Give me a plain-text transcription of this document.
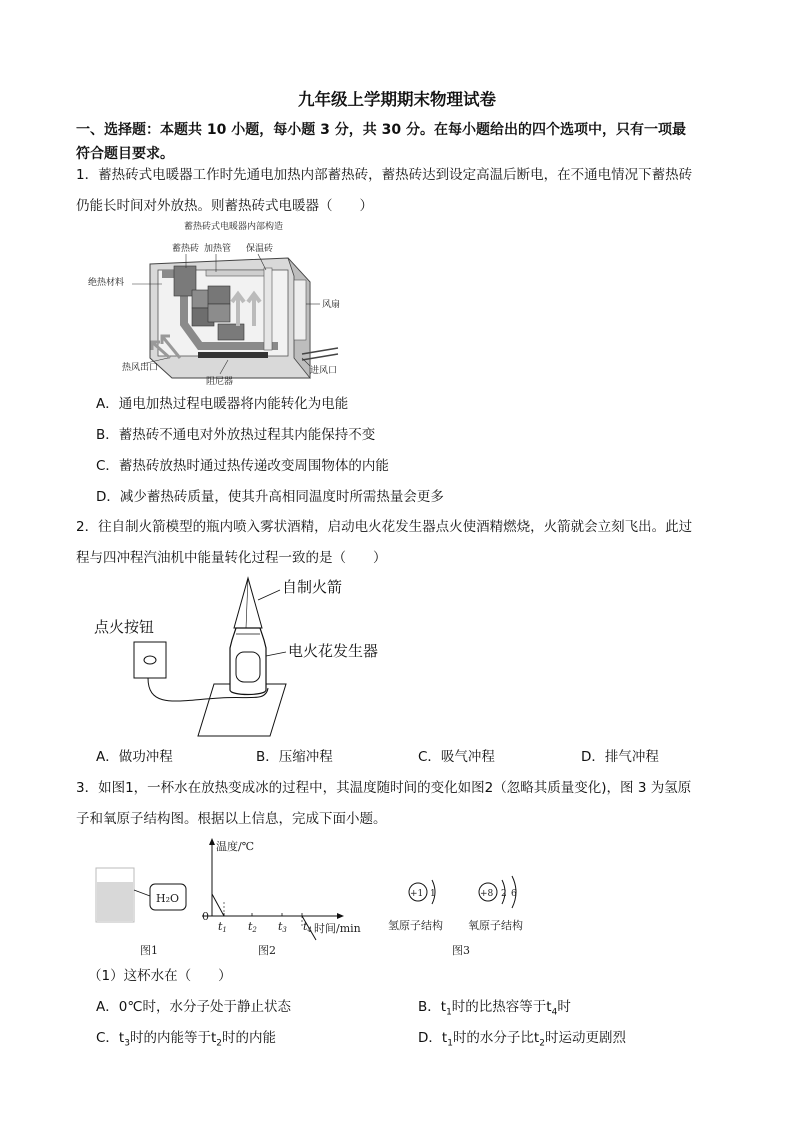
九年级上学期期末物理试卷
一、选择题：本题共 10 小题，每小题 3 分，共 30 分。在每小题给出的四个选项中，只有一项最
符合题目要求。
1．蓄热砖式电暖器工作时先通电加热内部蓄热砖，蓄热砖达到设定高温后断电，在不通电情况下蓄热砖
仍能长时间对外放热。则蓄热砖式电暖器（　　）
蓄热砖式电暖器内部构造
蓄热砖 加热管 保温砖
绝热材料
风扇
热风出口
阻尼器
进风口
A．通电加热过程电暖器将内能转化为电能
B．蓄热砖不通电对外放热过程其内能保持不变
C．蓄热砖放热时通过热传递改变周围物体的内能
D．减少蓄热砖质量，使其升高相同温度时所需热量会更多
2．往自制火箭模型的瓶内喷入雾状酒精，启动电火花发生器点火使酒精燃烧，火箭就会立刻飞出。此过
程与四冲程汽油机中能量转化过程一致的是（　　）
自制火箭
点火按钮
电火花发生器
A．做功冲程	B．压缩冲程	C．吸气冲程	D．排气冲程
3．如图1，一杯水在放热变成冰的过程中，其温度随时间的变化如图2（忽略其质量变化)，图 3 为氢原
子和氧原子结构图。根据以上信息，完成下面小题。
H₂O
图1
温度/℃
时间/min
0
t1 t2 t3 t4
图2
+1 1
氢原子结构
+8 2 6
氧原子结构
图3
（1）这杯水在（　　）
A．0℃时，水分子处于静止状态	B．$t_1$时的比热容等于$t_4$时
C．$t_3$时的内能等于$t_2$时的内能	D．$t_1$时的水分子比$t_2$时运动更剧烈
